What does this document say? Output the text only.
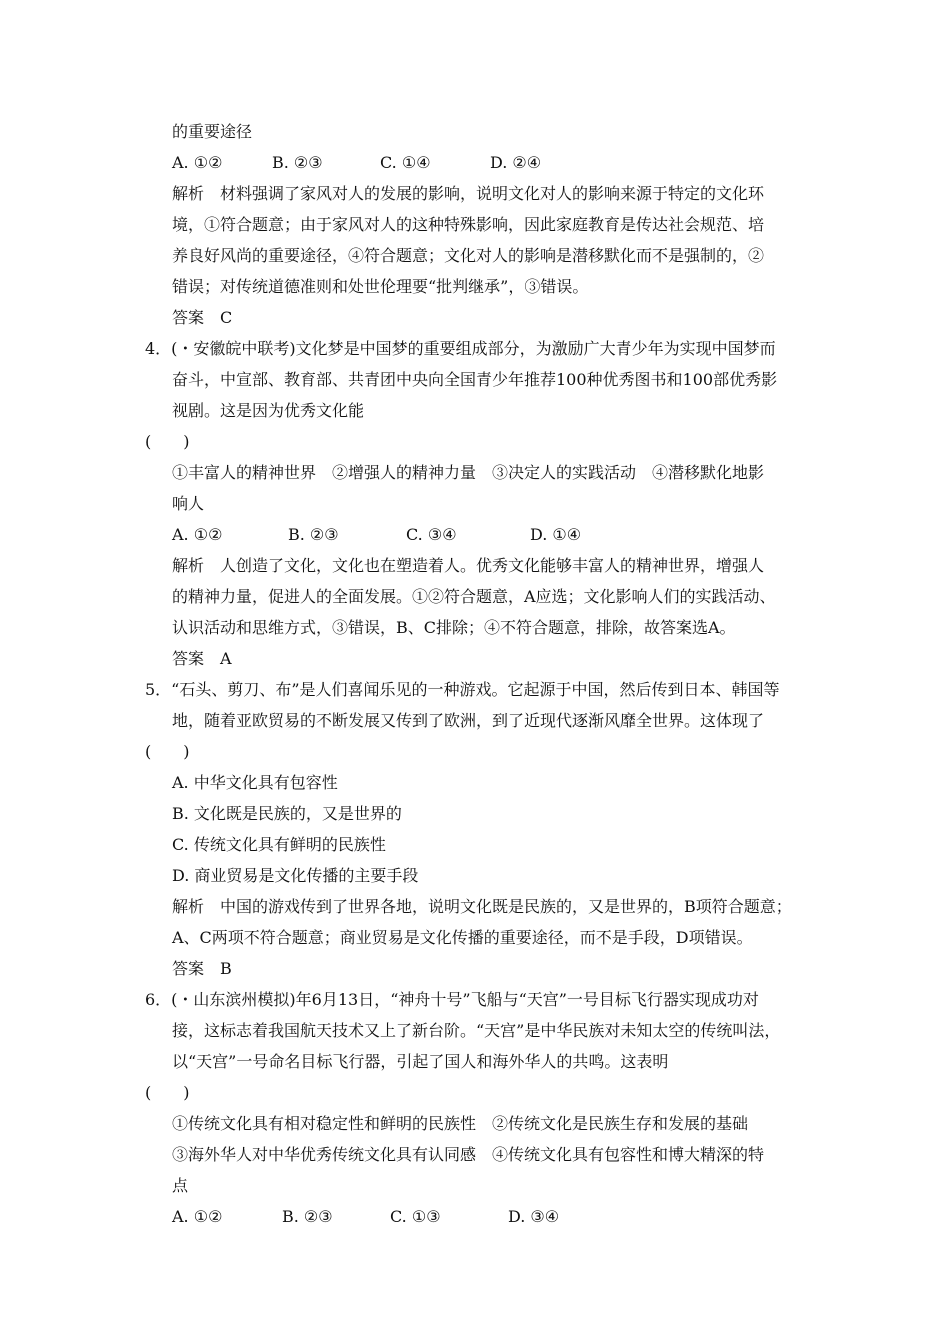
的重要途径
A. ①②	B. ②③	C. ①④	D. ②④
解析　材料强调了家风对人的发展的影响，说明文化对人的影响来源于特定的文化环
境，①符合题意；由于家风对人的这种特殊影响，因此家庭教育是传达社会规范、培
养良好风尚的重要途径，④符合题意；文化对人的影响是潜移默化而不是强制的，②
错误；对传统道德准则和处世伦理要“批判继承”，③错误。
答案　C
4．(・安徽皖中联考)文化梦是中国梦的重要组成部分，为激励广大青少年为实现中国梦而
奋斗，中宣部、教育部、共青团中央向全国青少年推荐100种优秀图书和100部优秀影
视剧。这是因为优秀文化能
(　　)
①丰富人的精神世界　②增强人的精神力量　③决定人的实践活动　④潜移默化地影
响人
A. ①②	B. ②③	C. ③④	D. ①④
解析　人创造了文化，文化也在塑造着人。优秀文化能够丰富人的精神世界，增强人
的精神力量，促进人的全面发展。①②符合题意，A应选；文化影响人们的实践活动、
认识活动和思维方式，③错误，B、C排除；④不符合题意，排除，故答案选A。
答案　A
5．“石头、剪刀、布”是人们喜闻乐见的一种游戏。它起源于中国，然后传到日本、韩国等
地，随着亚欧贸易的不断发展又传到了欧洲，到了近现代逐渐风靡全世界。这体现了
(　　)
A. 中华文化具有包容性
B. 文化既是民族的，又是世界的
C. 传统文化具有鲜明的民族性
D. 商业贸易是文化传播的主要手段
解析　中国的游戏传到了世界各地，说明文化既是民族的，又是世界的，B项符合题意；
A、C两项不符合题意；商业贸易是文化传播的重要途径，而不是手段，D项错误。
答案　B
6．(・山东滨州模拟)年6月13日，“神舟十号”飞船与“天宫”一号目标飞行器实现成功对
接，这标志着我国航天技术又上了新台阶。“天宫”是中华民族对未知太空的传统叫法，
以“天宫”一号命名目标飞行器，引起了国人和海外华人的共鸣。这表明
(　　)
①传统文化具有相对稳定性和鲜明的民族性　②传统文化是民族生存和发展的基础
③海外华人对中华优秀传统文化具有认同感　④传统文化具有包容性和博大精深的特
点
A. ①②	B. ②③	C. ①③	D. ③④
